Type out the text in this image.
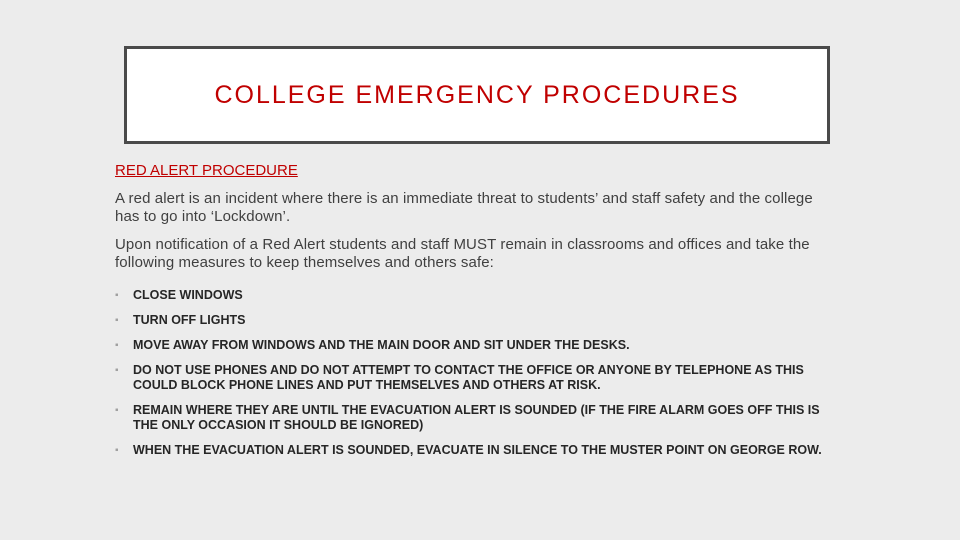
COLLEGE EMERGENCY PROCEDURES
RED ALERT PROCEDURE

A red alert is an incident where there is an immediate threat to students’ and staff safety and the college has to go into ‘Lockdown’.

Upon notification of a Red Alert students and staff MUST remain in classrooms and offices and take the following measures to keep themselves and others safe:

▪ CLOSE WINDOWS
▪ TURN OFF LIGHTS
▪ MOVE AWAY FROM WINDOWS AND THE MAIN DOOR AND SIT UNDER THE DESKS.
▪ DO NOT USE PHONES AND DO NOT ATTEMPT TO CONTACT THE OFFICE OR ANYONE BY TELEPHONE AS THIS COULD BLOCK PHONE LINES AND PUT THEMSELVES AND OTHERS AT RISK.
▪ REMAIN WHERE THEY ARE UNTIL THE EVACUATION ALERT IS SOUNDED (IF THE FIRE ALARM GOES OFF THIS IS THE ONLY OCCASION IT SHOULD BE IGNORED)
▪ WHEN THE EVACUATION ALERT IS SOUNDED, EVACUATE IN SILENCE TO THE MUSTER POINT ON GEORGE ROW.
